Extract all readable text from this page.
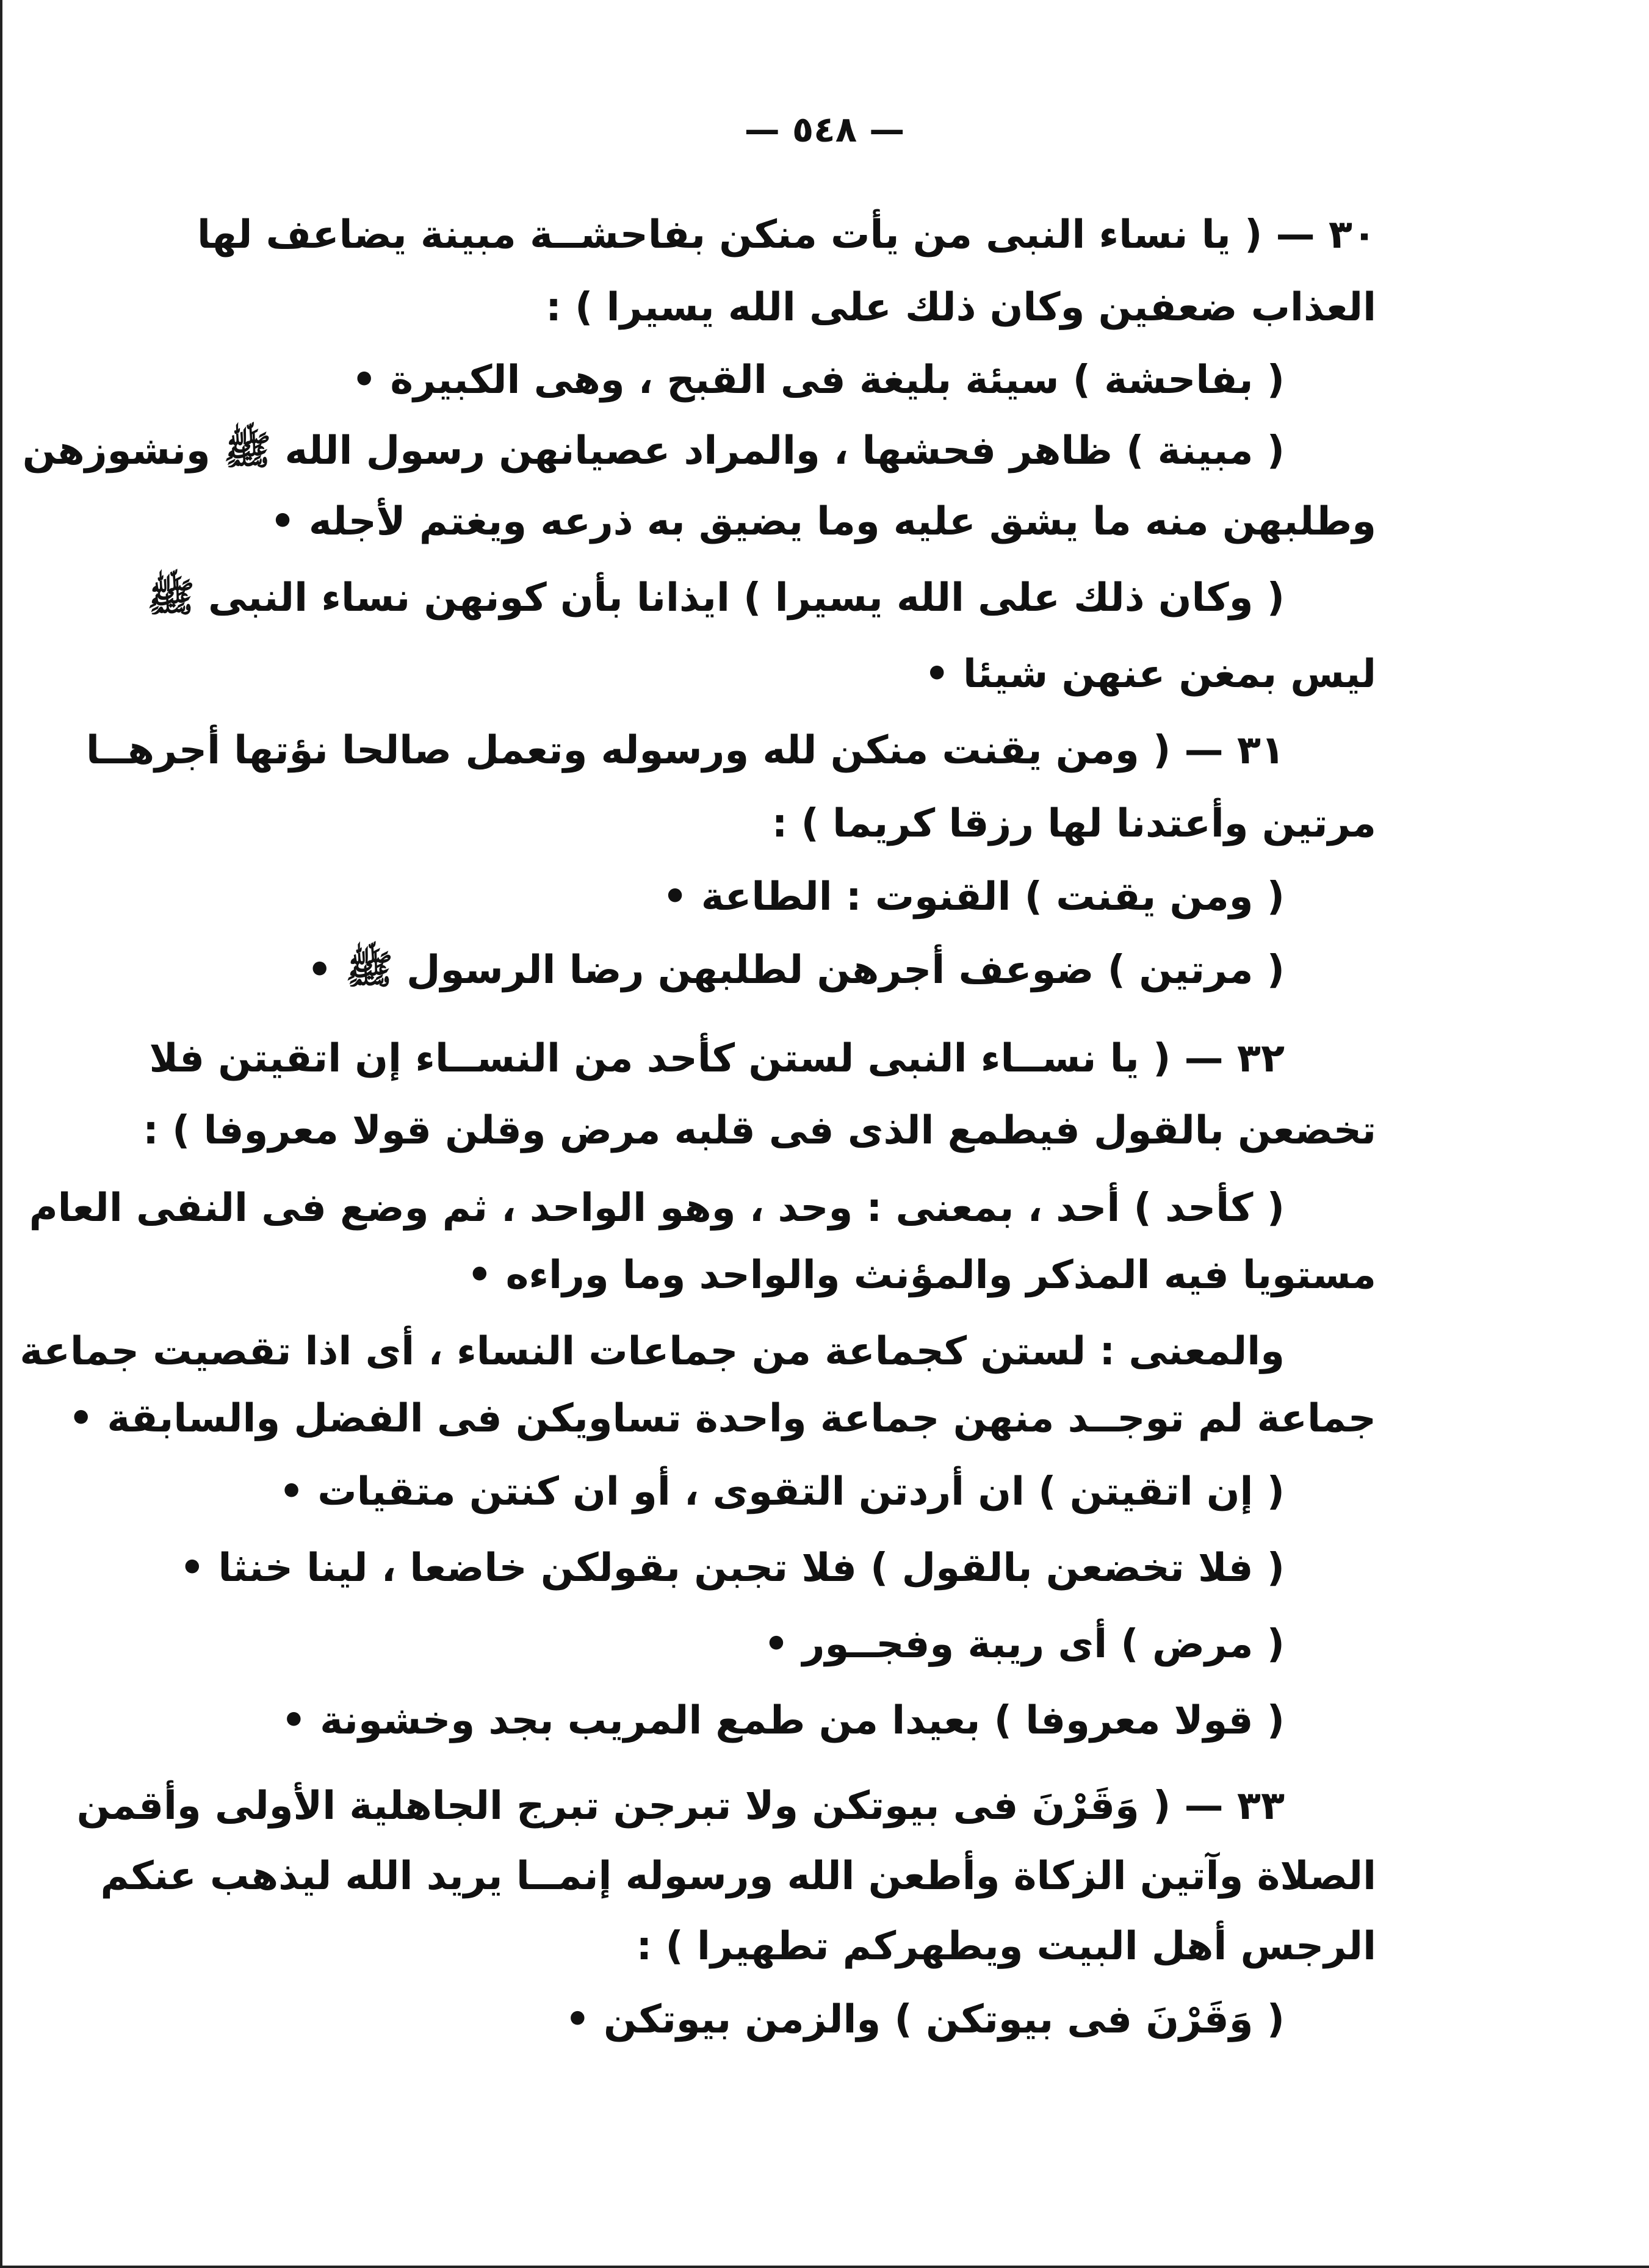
— ٥٤٨ —
٣٠ — ( يا نساء النبى من يأت منكن بفاحشــة مبينة يضاعف لها
العذاب ضعفين وكان ذلك على الله يسيرا ) :
( بفاحشة ) سيئة بليغة فى القبح ، وهى الكبيرة •
( مبينة ) ظاهر فحشها ، والمراد عصيانهن رسول الله ﷺ ونشوزهن
وطلبهن منه ما يشق عليه وما يضيق به ذرعه ويغتم لأجله •
( وكان ذلك على الله يسيرا ) ايذانا بأن كونهن نساء النبى ﷺ
ليس بمغن عنهن شيئا •
٣١ — ( ومن يقنت منكن لله ورسوله وتعمل صالحا نؤتها أجرهــا
مرتين وأعتدنا لها رزقا كريما ) :
( ومن يقنت ) القنوت : الطاعة •
( مرتين ) ضوعف أجرهن لطلبهن رضا الرسول ﷺ •
٣٢ — ( يا نســاء النبى لستن كأحد من النســاء إن اتقيتن فلا
تخضعن بالقول فيطمع الذى فى قلبه مرض وقلن قولا معروفا ) :
( كأحد ) أحد ، بمعنى : وحد ، وهو الواحد ، ثم وضع فى النفى العام
مستويا فيه المذكر والمؤنث والواحد وما وراءه •
والمعنى : لستن كجماعة من جماعات النساء ، أى اذا تقصيت جماعة
جماعة لم توجــد منهن جماعة واحدة تساويكن فى الفضل والسابقة •
( إن اتقيتن ) ان أردتن التقوى ، أو ان كنتن متقيات •
( فلا تخضعن بالقول ) فلا تجبن بقولكن خاضعا ، لينا خنثا •
( مرض ) أى ريبة وفجــور •
( قولا معروفا ) بعيدا من طمع المريب بجد وخشونة •
٣٣ — ( وَقَرْنَ فى بيوتكن ولا تبرجن تبرج الجاهلية الأولى وأقمن
الصلاة وآتين الزكاة وأطعن الله ورسوله إنمــا يريد الله ليذهب عنكم
الرجس أهل البيت ويطهركم تطهيرا ) :
( وَقَرْنَ فى بيوتكن ) والزمن بيوتكن •
